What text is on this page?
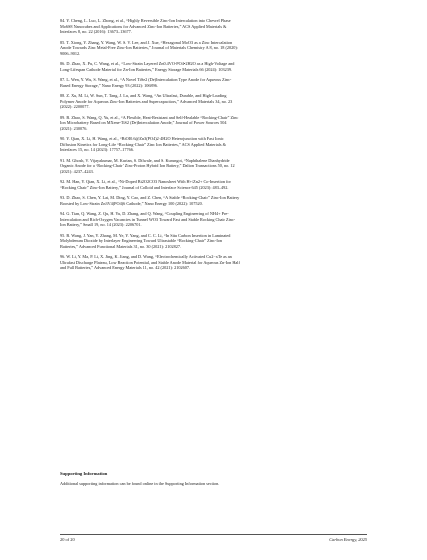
84. Y. Cheng, L. Luo, L. Zhong, et al., “Highly Reversible Zinc-Ion Intercalation into Chevrel Phase Mo6S8 Nanocubes and Applications for Advanced Zinc-Ion Batteries,” ACS Applied Materials & Interfaces 8, no. 22 (2016): 13673–13677.

85. T. Xiong, Y. Zhang, Y. Wang, W. S. V. Lee, and J. Xue, “Hexagonal MoO3 as a Zinc Intercalation Anode Towards Zinc Metal-Free Zinc-Ion Batteries,” Journal of Materials Chemistry A 8, no. 18 (2020): 9006–9012.

86. D. Zhao, X. Pu, C. Wang, et al., “Low-Strain Layered Zn0.4VO-PO4•2H2O as a High-Voltage and Long-Lifespan Cathode Material for Zn-Ion Batteries,” Energy Storage Materials 66 (2024): 103239.

87. L. Wen, Y. Wu, S. Wang, et al., “A Novel TiSe2 (De)Intercalation Type Anode for Aqueous Zinc-Based Energy Storage,” Nano Energy 93 (2022): 106896.

88. Z. Xu, M. Li, W. Sun, T. Tang, J. Lu, and X. Wang, “An Ultrafast, Durable, and High-Loading Polymer Anode for Aqueous Zinc-Ion Batteries and Supercapacitors,” Advanced Materials 34, no. 23 (2022): 2200077.

89. B. Zhao, S. Wang, Q. Yu, et al., “A Flexible, Heat-Resistant and Self-Healable “Rocking-Chair” Zinc Ion Microbattery Based on MXene-TiS2 (De)Intercalation Anode,” Journal of Power Sources 504 (2021): 230076.

90. Y. Qian, X. Li, H. Wang, et al., “BiOI0.6@Zn3(PO4)2·4H2O Heterojunction with Fast Ionic Diffusion Kinetics for Long-Life “Rocking-Chair” Zinc Ion Batteries,” ACS Applied Materials & Interfaces 15, no. 14 (2023): 17757–17766.

91. M. Ghosh, V. Vijayakumar, M. Kurian, S. Dilwale, and S. Kurungot, “Naphthalene Dianhydride Organic Anode for a ‘Rocking-Chair’ Zinc-Proton Hybrid Ion Battery,” Dalton Transactions 50, no. 12 (2021): 4237–4243.

92. M. Han, Y. Qian, X. Li, et al., “Ni-Doped Bi2O2CO3 Nanosheet With H+/Zn2+ Co-Insertion for “Rocking Chair” Zinc-Ion Battery,” Journal of Colloid and Interface Science 645 (2023): 483–492.

93. D. Zhao, S. Chen, Y. Lai, M. Ding, Y. Cao, and Z. Chen, “A Stable “Rocking-Chair” Zinc-Ion Battery Boosted by Low-Strain Zn3V4(PO4)6 Cathode,” Nano Energy 100 (2022): 107520.

94. G. Tian, Q. Wang, Z. Qu, H. Yu, D. Zhang, and Q. Wang, “Coupling Engineering of NH4+ Pre-Intercalation and Rich-Oxygen Vacancies in Tunnel WO3 Toward Fast and Stable Rocking Chair Zinc-Ion Battery,” Small 19, no. 14 (2023): 2206701.

95. B. Wang, J. Yan, Y. Zhang, M. Ye, Y. Yang, and C. C. Li, “In Situ Carbon Insertion in Laminated Molybdenum Dioxide by Interlayer Engineering Toward Ultrastable “Rocking-Chair” Zinc-Ion Batteries,” Advanced Functional Materials 31, no. 30 (2021): 2102827.

96. W. Li, Y. Ma, P. Li, X. Jing, K. Jiang, and D. Wang, “Electrochemically Activated Cu2−xTe as an Ultrafast Discharge Plateau, Low Reaction Potential, and Stable Anode Material for Aqueous Zn-Ion Half and Full Batteries,” Advanced Energy Materials 11, no. 42 (2021): 2102607.

Supporting Information

Additional supporting information can be found online in the Supporting Information section.

20 of 20	Carbon Energy, 2025
